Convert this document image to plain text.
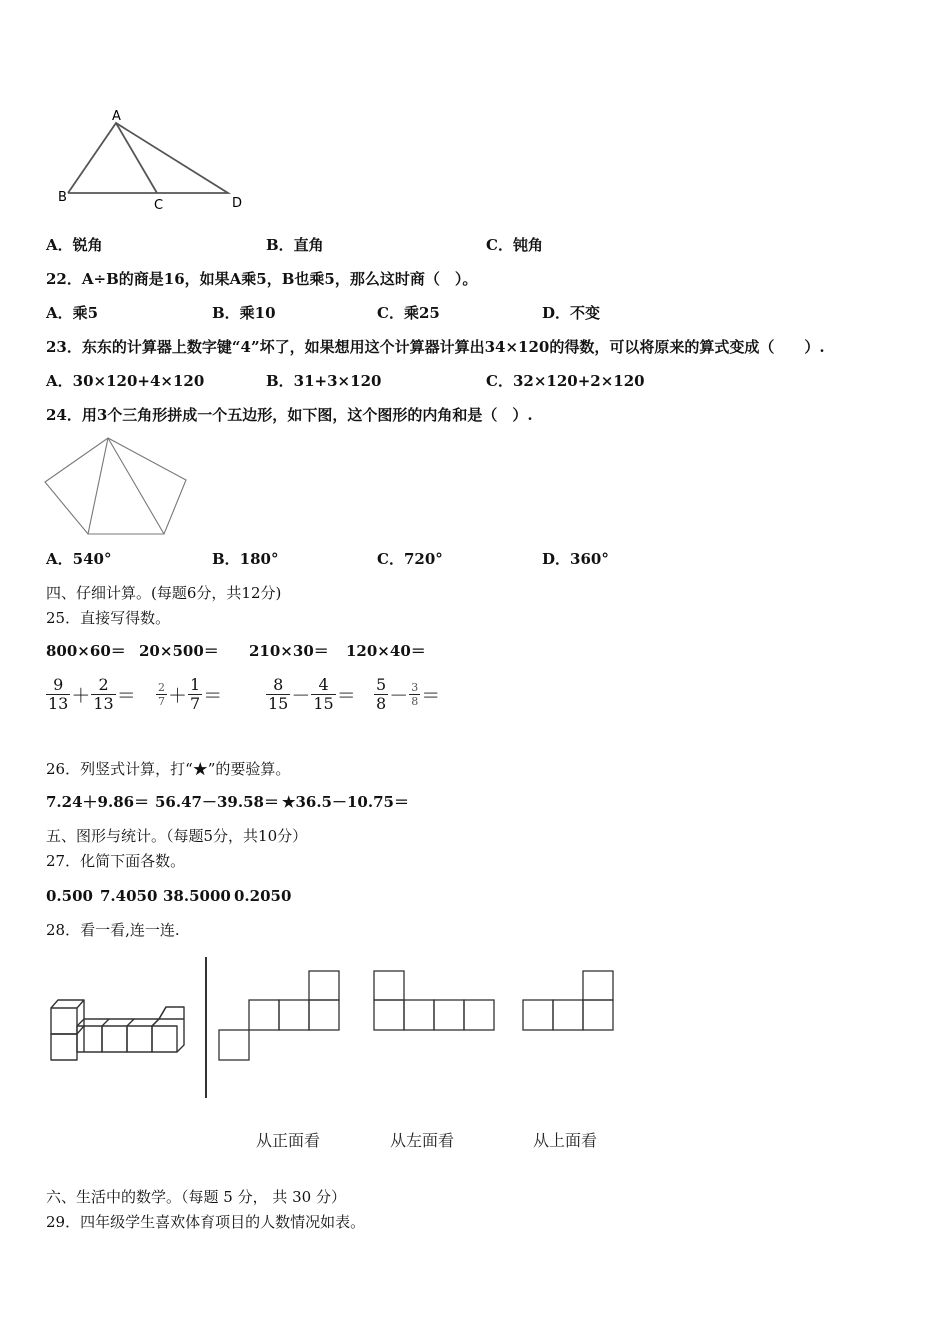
A
B
C	D
A．锐角	B．直角	C．钝角
22．A÷B的商是16，如果A乘5，B也乘5，那么这时商（　）。
A．乘5	B．乘10	C．乘25	D．不变
23．东东的计算器上数字键“4”坏了，如果想用这个计算器计算出34×120的得数，可以将原来的算式变成（　　）.
A．30×120+4×120	B．31+3×120	C．32×120+2×120
24．用3个三角形拼成一个五边形，如下图，这个图形的内角和是（　）.
A．540°	B．180°	C．720°	D．360°
四、仔细计算。(每题6分，共12分)
25．直接写得数。
800×60＝ 20×500＝ 210×30＝ 120×40＝
$\frac{9}{13} + \frac{2}{13} = \frac{2}{7} + \frac{1}{7}$ ＝	$\frac{8}{15} - \frac{4}{15} = \frac{5}{8} - \frac{3}{8}$ ＝
26．列竖式计算，打“★”的要验算。
7.24＋9.86＝ 56.47－39.58＝ ★36.5－10.75＝
五、图形与统计。（每题5分，共10分）
27．化简下面各数。
0.500 7.4050 38.5000 0.2050
28．看一看,连一连.
从正面看	从左面看	从上面看
六、生活中的数学。（每题 5 分， 共 30 分）
29．四年级学生喜欢体育项目的人数情况如表。
